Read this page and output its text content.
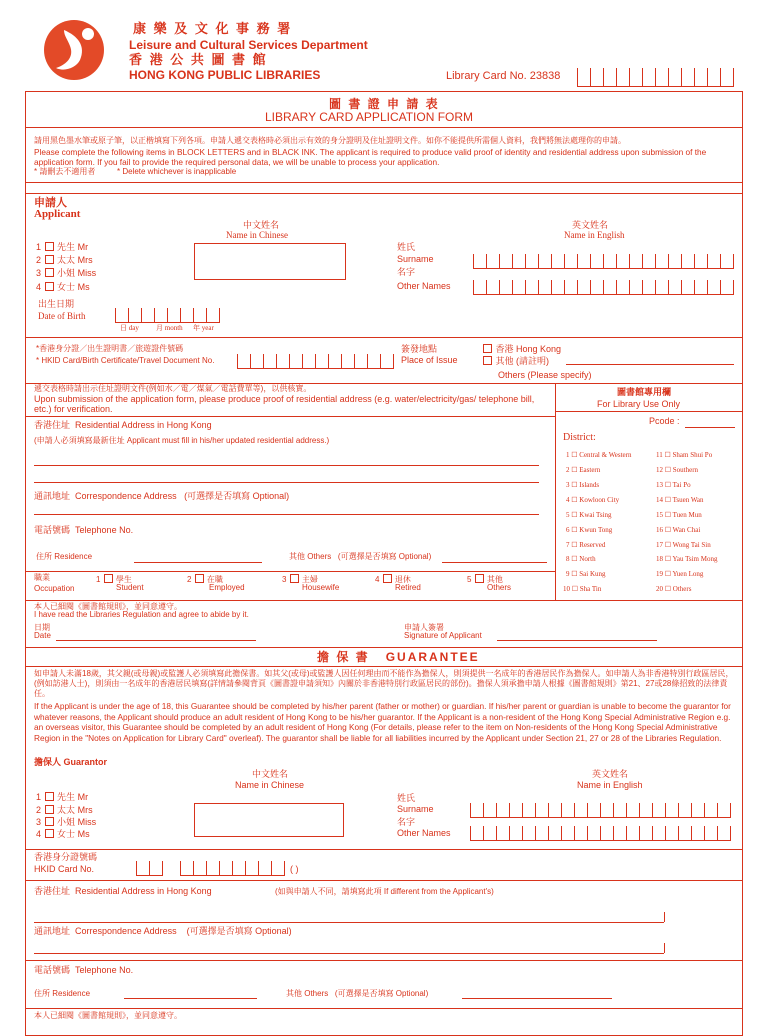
康 樂 及 文 化 事 務 署
Leisure and Cultural Services Department
香 港 公 共 圖 書 館
HONG KONG PUBLIC LIBRARIES	Library Card No. 23838
圖 書 證 申 請 表
LIBRARY CARD APPLICATION FORM
請用黑色墨水筆或原子筆，以正楷填寫下列各項。申請人遞交表格時必須出示有效的身分證明及住址證明文件。如你不能提供所需個人資料，我們將無法處理你的申請。
Please complete the following items in BLOCK LETTERS and in BLACK INK. The applicant is required to produce valid proof of identity and residential address upon submission of the application form. If you fail to provide the required personal data, we will be unable to process your application.
* 請刪去不適用者	* Delete whichever is inapplicable
申請人
Applicant
中文姓名
Name in Chinese
英文姓名
Name in English
1 先生 Mr
2 太太 Mrs
3 小姐 Miss
4 女士 Ms
姓氏
Surname
名字
Other Names
出生日期
Date of Birth
日 day 月 month 年 year
*香港身分證／出生證明書／旅遊證件號碼
* HKID Card/Birth Certificate/Travel Document No.
簽發地點
Place of Issue
香港 Hong Kong
其他 (請註明)
Others (Please specify)
遞交表格時請出示住址證明文件(例如水／電／煤氣／電話費單等)，以供核實。
Upon submission of the application form, please produce proof of residential address (e.g. water/electricity/gas/ telephone bill, etc.) for verification.
圖書館專用欄
For Library Use Only
Pcode :
District:
1 ☐ Central & Western
2 ☐ Eastern
3 ☐ Islands
4 ☐ Kowloon City
5 ☐ Kwai Tsing
6 ☐ Kwun Tong
7 ☐ Reserved
8 ☐ North
9 ☐ Sai Kung
10 ☐ Sha Tin
11 ☐ Sham Shui Po
12 ☐ Southern
13 ☐ Tai Po
14 ☐ Tsuen Wan
15 ☐ Tuen Mun
16 ☐ Wan Chai
17 ☐ Wong Tai Sin
18 ☐ Yau Tsim Mong
19 ☐ Yuen Long
20 ☐ Others
香港住址 Residential Address in Hong Kong
(申請人必須填寫最新住址 Applicant must fill in his/her updated residential address.)
通訊地址 Correspondence Address (可選擇是否填寫 Optional)
電話號碼 Telephone No.
住所 Residence	其他 Others (可選擇是否填寫 Optional)
職業
Occupation
1 學生
Student
2 在職
Employed
3 主婦
Housewife
4 退休
Retired
5 其他
Others
本人已細閱《圖書館規則》，並同意遵守。
I have read the Libraries Regulation and agree to abide by it.
日期
Date
申請人簽署
Signature of Applicant
擔 保 書 GUARANTEE
如申請人未滿18歲，其父親(或母親)或監護人必須填寫此擔保書。如其父(或母)或監護人因任何理由而不能作為擔保人，則須提供一名成年的香港居民作為擔保人。如申請人為非香港特別行政區居民，(例如訪港人士)，則須由一名成年的香港居民填寫(詳情請參閱背頁《圖書證申請須知》內關於非香港特別行政區居民的部份)。擔保人須承擔申請人根據《圖書館規則》第21、27或28條招致的法律責任。
If the Applicant is under the age of 18, this Guarantee should be completed by his/her parent (father or mother) or guardian. If his/her parent or guardian is unable to become the guarantor for whatever reasons, the Applicant should produce an adult resident of Hong Kong to be his/her guarantor. If the Applicant is a non-resident of the Hong Kong Special Administrative Region e.g. an overseas visitor, this Guarantee should be completed by an adult resident of Hong Kong (For details, please refer to the item on Non-residents of the Hong Kong Special Administrative Region in the "Notes on Application for Library Card" overleaf). The guarantor shall be liable for all liabilities incurred by the Applicant under Section 21, 27 or 28 of the Libraries Regulation.
擔保人 Guarantor
中文姓名
Name in Chinese
英文姓名
Name in English
1 先生 Mr
2 太太 Mrs
3 小姐 Miss
4 女士 Ms
姓氏
Surname
名字
Other Names
香港身分證號碼
HKID Card No.	( )
香港住址 Residential Address in Hong Kong	(如與申請人不同，請填寫此項 If different from the Applicant's)
通訊地址 Correspondence Address (可選擇是否填寫 Optional)
電話號碼 Telephone No.
住所 Residence	其他 Others (可選擇是否填寫 Optional)
本人已細閱《圖書館規則》，並同意遵守。
